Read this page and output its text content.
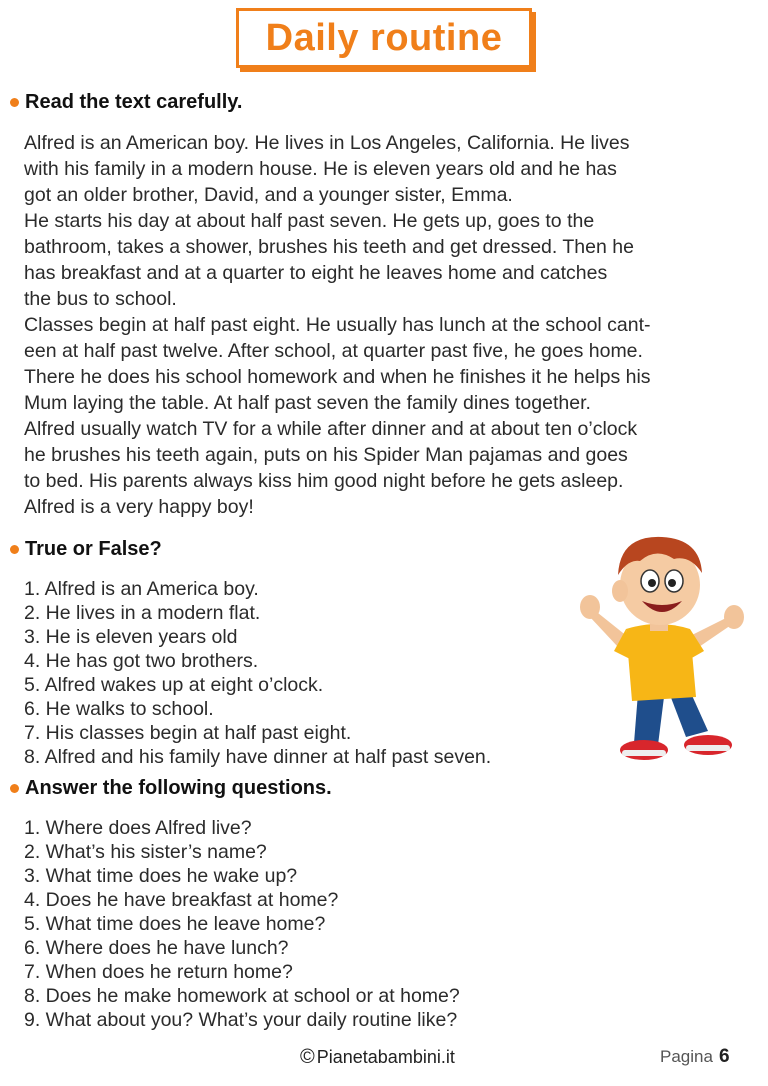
Daily routine
Read the text carefully.
Alfred is an American boy. He lives in Los Angeles, California. He lives
with his family in a modern house. He is eleven years old and he has
got an older brother, David, and a younger sister, Emma.
He starts his day at about half past seven. He gets up, goes to the
bathroom, takes a shower, brushes his teeth and get dressed. Then he
has breakfast and at a quarter to eight he leaves home and catches
the bus to school.
Classes begin at half past eight. He usually has lunch at the school cant-
een at half past twelve. After school, at quarter past five, he goes home.
There he does his school homework and when he finishes it he helps his
Mum laying the table. At half past seven the family dines together.
Alfred usually watch TV for a while after dinner and at about ten o’clock
he brushes his teeth again, puts on his Spider Man pajamas and goes
to bed. His parents always kiss him good night before he gets asleep.
Alfred is a very happy boy!
True or False?
1. Alfred is an America boy.
2. He lives in a modern flat.
3. He is eleven years old
4. He has got two brothers.
5. Alfred wakes up at eight o’clock.
6. He walks to school.
7. His classes begin at half past eight.
8. Alfred and his family have dinner at half past seven.
Answer the following questions.
1. Where does Alfred live?
2. What’s his sister’s name?
3. What time does he wake up?
4. Does he have breakfast at home?
5. What time does he leave home?
6. Where does he have lunch?
7. When does he return home?
8. Does he make homework at school or at home?
9. What about you? What’s your daily routine like?
© Pianetabambini.it	Pagina 6
